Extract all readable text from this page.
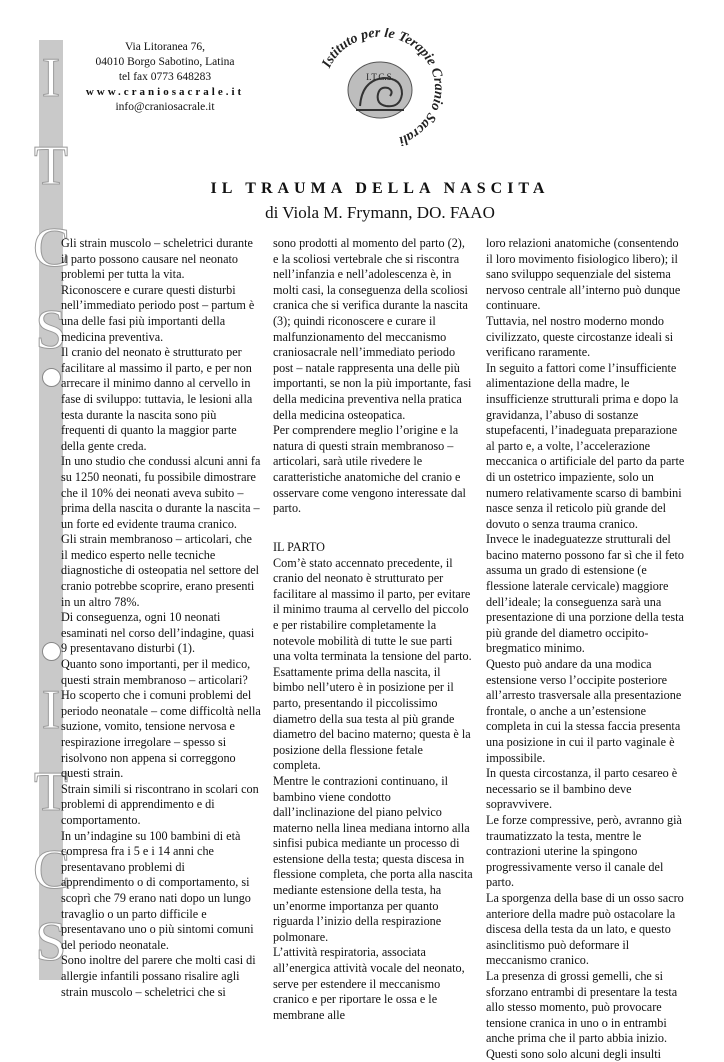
I
T
C
S
I
T
C
S
Via Litoranea 76,
04010 Borgo Sabotino, Latina
tel fax 0773 648283
www.craniosacrale.it
info@craniosacrale.it
Istituto per le Terapie Cranio Sacrali
I.T.C.S.
IL TRAUMA DELLA NASCITA
di Viola M. Frymann, DO. FAAO

Gli strain muscolo – scheletrici durante il parto possono causare nel neonato problemi per tutta la vita.

Riconoscere e curare questi disturbi nell’immediato periodo post – partum è una delle fasi più importanti della medicina preventiva.

Il cranio del neonato è strutturato per facilitare al massimo il parto, e per non arrecare il minimo danno al cervello in fase di sviluppo: tuttavia, le lesioni alla testa durante la nascita sono più frequenti di quanto la maggior parte della gente creda.

In uno studio che condussi alcuni anni fa su 1250 neonati, fu possibile dimostrare che il 10% dei neonati aveva subito – prima della nascita o durante la nascita – un forte ed evidente trauma cranico.

Gli strain membranoso – articolari, che il medico esperto nelle tecniche diagnostiche di osteopatia nel settore del cranio potrebbe scoprire, erano presenti in un altro 78%.

Di conseguenza, ogni 10 neonati esaminati nel corso dell’indagine, quasi 9 presentavano disturbi (1).

Quanto sono importanti, per il medico, questi strain membranoso – articolari?

Ho scoperto che i comuni problemi del periodo neonatale – come difficoltà nella suzione, vomito, tensione nervosa e respirazione irregolare – spesso si risolvono non appena si correggono questi strain.

Strain simili si riscontrano in scolari con problemi di apprendimento e di comportamento.

In un’indagine su 100 bambini di età compresa fra i 5 e i 14 anni che presentavano problemi di apprendimento o di comportamento, si scoprì che 79 erano nati dopo un lungo travaglio o un parto difficile e presentavano uno o più sintomi comuni del periodo neonatale.

Sono inoltre del parere che molti casi di allergie infantili possano risalire agli strain muscolo – scheletrici che si

sono prodotti al momento del parto (2), e la scoliosi vertebrale che si riscontra nell’infanzia e nell’adolescenza è, in molti casi, la conseguenza della scoliosi cranica che si verifica durante la nascita (3); quindi riconoscere e curare il malfunzionamento del meccanismo craniosacrale nell’immediato periodo post – natale rappresenta una delle più importanti, se non la più importante, fasi della medicina preventiva nella pratica della medicina osteopatica.

Per comprendere meglio l’origine e la natura di questi strain membranoso – articolari, sarà utile rivedere le caratteristiche anatomiche del cranio e osservare come vengono interessate dal parto.

IL PARTO

Com’è stato accennato precedente, il cranio del neonato è strutturato per facilitare al massimo il parto, per evitare il minimo trauma al cervello del piccolo e per ristabilire completamente la notevole mobilità di tutte le sue parti una volta terminata la tensione del parto.

Esattamente prima della nascita, il bimbo nell’utero è in posizione per il parto, presentando il piccolissimo diametro della sua testa al più grande diametro del bacino materno; questa è la posizione della flessione fetale completa.

Mentre le contrazioni continuano, il bambino viene condotto dall’inclinazione del piano pelvico materno nella linea mediana intorno alla sinfisi pubica mediante un processo di estensione della testa; questa discesa in flessione completa, che porta alla nascita mediante estensione della testa, ha un’enorme importanza per quanto riguarda l’inizio della respirazione polmonare.

L’attività respiratoria, associata all’energica attività vocale del neonato, serve per estendere il meccanismo cranico e per riportare le ossa e le membrane alle

loro relazioni anatomiche (consentendo il loro movimento fisiologico libero); il sano sviluppo sequenziale del sistema nervoso centrale all’interno può dunque continuare.

Tuttavia, nel nostro moderno mondo civilizzato, queste circostanze ideali si verificano raramente.

In seguito a fattori come l’insufficiente alimentazione della madre, le insufficienze strutturali prima e dopo la gravidanza, l’abuso di sostanze stupefacenti, l’inadeguata preparazione al parto e, a volte, l’accelerazione meccanica o artificiale del parto da parte di un ostetrico impaziente, solo un numero relativamente scarso di bambini nasce senza il reticolo più grande del dovuto o senza trauma cranico.

Invece le inadeguatezze strutturali del bacino materno possono far sì che il feto assuma un grado di estensione (e flessione laterale cervicale) maggiore dell’ideale; la conseguenza sarà una presentazione di una porzione della testa più grande del diametro occipito-bregmatico minimo.

Questo può andare da una modica estensione verso l’occipite posteriore all’arresto trasversale alla presentazione frontale, o anche a un’estensione completa in cui la stessa faccia presenta una posizione in cui il parto vaginale è impossibile.

In questa circostanza, il parto cesareo è necessario se il bambino deve sopravvivere.

Le forze compressive, però, avranno già traumatizzato la testa, mentre le contrazioni uterine la spingono progressivamente verso il canale del parto.

La sporgenza della base di un osso sacro anteriore della madre può ostacolare la discesa della testa da un lato, e questo asinclitismo può deformare il meccanismo cranico.

La presenza di grossi gemelli, che si sforzano entrambi di presentare la testa allo stesso momento, può provocare tensione cranica in uno o in entrambi anche prima che il parto abbia inizio.

Questi sono solo alcuni degli insulti
